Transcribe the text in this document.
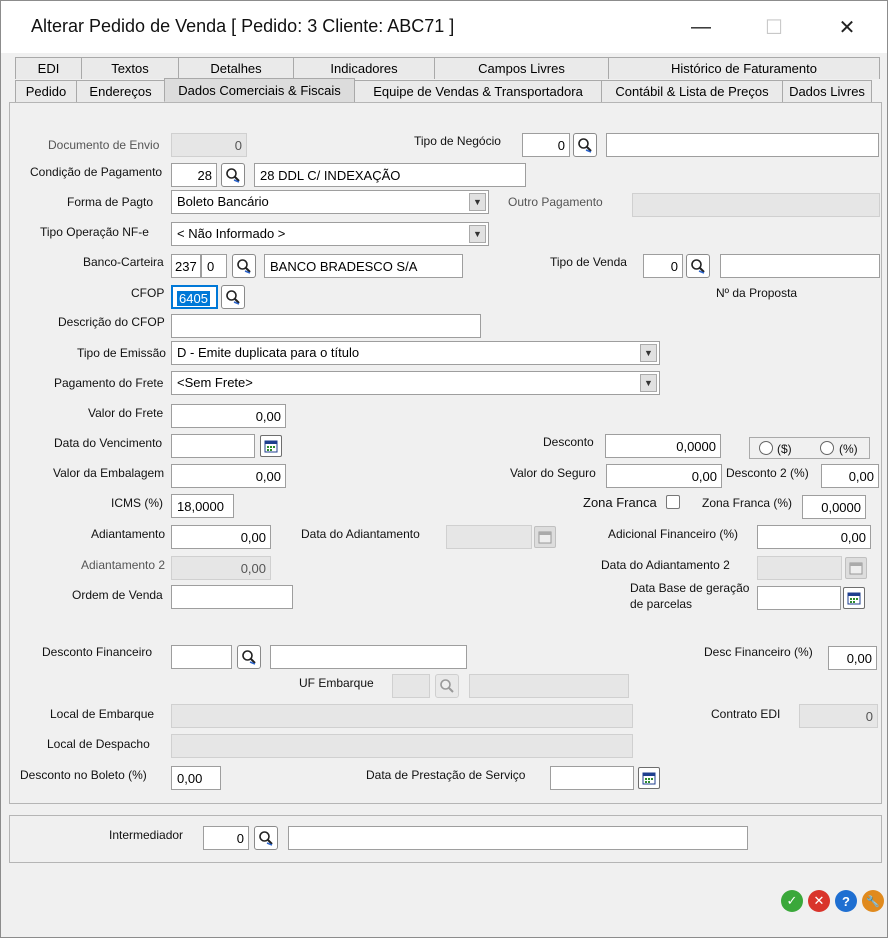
Alterar Pedido de Venda [ Pedido: 3 Cliente: ABC71 ]	—	☐	✕
EDI	Textos	Detalhes	Indicadores	Campos Livres	Histórico de Faturamento
Pedido	Endereços	Dados Comerciais & Fiscais	Equipe de Vendas & Transportadora	Contábil & Lista de Preços	Dados Livres
Documento de Envio	0	Tipo de Negócio	0
Condição de Pagamento	28	28 DDL C/ INDEXAÇÃO
Forma de Pagto	Boleto Bancário	▼	Outro Pagamento
Tipo Operação NF-e	< Não Informado >	▼
Banco-Carteira 237 0	BANCO BRADESCO S/A	Tipo de Venda	0
CFOP	6405	Nº da Proposta
Descrição do CFOP
Tipo de Emissão D - Emite duplicata para o título	▼
Pagamento do Frete	<Sem Frete>	▼
Valor do Frete	0,00
Data do Vencimento	Desconto	0,0000	($)	(%)
Valor da Embalagem	0,00	Valor do Seguro	0,00 Desconto 2 (%)	0,00
ICMS (%)	18,0000	Zona Franca	Zona Franca (%)	0,0000
Adiantamento	0,00	Data do Adiantamento	Adicional Financeiro (%)	0,00
Adiantamento 2	0,00	Data do Adiantamento 2
Ordem de Venda	Data Base de geração
de parcelas
Desconto Financeiro	Desc Financeiro (%)	0,00
UF Embarque
Local de Embarque	Contrato EDI	0
Local de Despacho
Desconto no Boleto (%)	0,00	Data de Prestação de Serviço
Intermediador	0
✓	✕	?	🔧
